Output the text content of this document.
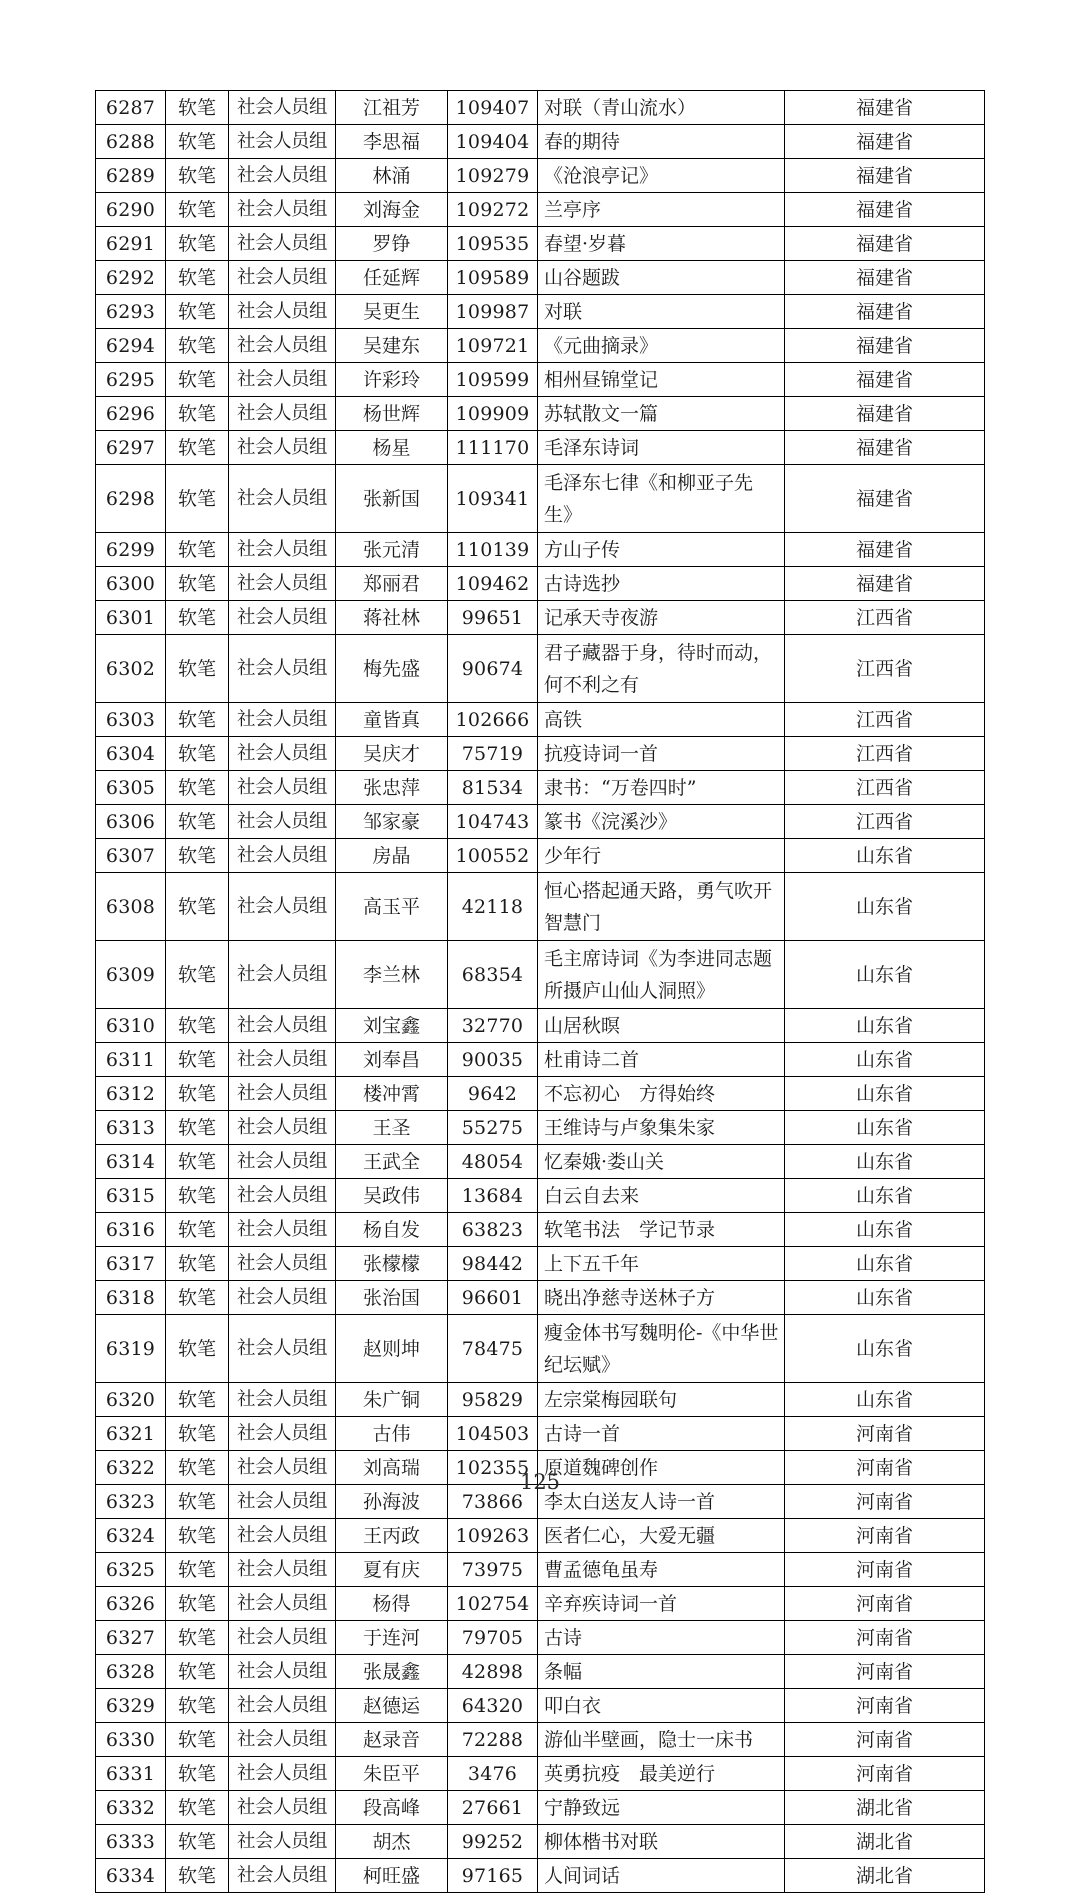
6287	软笔	社会人员组	江祖芳	109407	对联（青山流水）	福建省

6288	软笔	社会人员组	李思福	109404	春的期待	福建省

6289	软笔	社会人员组	林涌	109279	《沧浪亭记》	福建省

6290	软笔	社会人员组	刘海金	109272	兰亭序	福建省

6291	软笔	社会人员组	罗铮	109535	春望·岁暮	福建省

6292	软笔	社会人员组	任延辉	109589	山谷题跋	福建省

6293	软笔	社会人员组	吴更生	109987	对联	福建省

6294	软笔	社会人员组	吴建东	109721	《元曲摘录》	福建省

6295	软笔	社会人员组	许彩玲	109599	相州昼锦堂记	福建省

6296	软笔	社会人员组	杨世辉	109909	苏轼散文一篇	福建省

6297	软笔	社会人员组	杨星	111170	毛泽东诗词	福建省

6298	软笔	社会人员组	张新国	109341	毛泽东七律《和柳亚子先生》	福建省

6299	软笔	社会人员组	张元清	110139	方山子传	福建省

6300	软笔	社会人员组	郑丽君	109462	古诗选抄	福建省

6301	软笔	社会人员组	蒋社林	99651	记承天寺夜游	江西省

6302	软笔	社会人员组	梅先盛	90674	君子藏器于身，待时而动，何不利之有	江西省

6303	软笔	社会人员组	童皆真	102666	高铁	江西省

6304	软笔	社会人员组	吴庆才	75719	抗疫诗词一首	江西省

6305	软笔	社会人员组	张忠萍	81534	隶书：“万卷四时”	江西省

6306	软笔	社会人员组	邹家豪	104743	篆书《浣溪沙》	江西省

6307	软笔	社会人员组	房晶	100552	少年行	山东省

6308	软笔	社会人员组	高玉平	42118	恒心搭起通天路，勇气吹开智慧门	山东省

6309	软笔	社会人员组	李兰林	68354	毛主席诗词《为李进同志题所摄庐山仙人洞照》	山东省

6310	软笔	社会人员组	刘宝鑫	32770	山居秋暝	山东省

6311	软笔	社会人员组	刘奉昌	90035	杜甫诗二首	山东省

6312	软笔	社会人员组	楼冲霄	9642	不忘初心　方得始终	山东省

6313	软笔	社会人员组	王圣	55275	王维诗与卢象集朱家	山东省

6314	软笔	社会人员组	王武全	48054	忆秦娥·娄山关	山东省

6315	软笔	社会人员组	吴政伟	13684	白云自去来	山东省

6316	软笔	社会人员组	杨自发	63823	软笔书法　学记节录	山东省

6317	软笔	社会人员组	张檬檬	98442	上下五千年	山东省

6318	软笔	社会人员组	张治国	96601	晓出净慈寺送林子方	山东省

6319	软笔	社会人员组	赵则坤	78475	瘦金体书写魏明伦-《中华世纪坛赋》	山东省

6320	软笔	社会人员组	朱广铜	95829	左宗棠梅园联句	山东省

6321	软笔	社会人员组	古伟	104503	古诗一首	河南省

6322	软笔	社会人员组	刘高瑞	102355	原道魏碑创作	河南省

6323	软笔	社会人员组	孙海波	73866	李太白送友人诗一首	河南省

6324	软笔	社会人员组	王丙政	109263	医者仁心，大爱无疆	河南省

6325	软笔	社会人员组	夏有庆	73975	曹孟德龟虽寿	河南省

6326	软笔	社会人员组	杨得	102754	辛弃疾诗词一首	河南省

6327	软笔	社会人员组	于连河	79705	古诗	河南省

6328	软笔	社会人员组	张晟鑫	42898	条幅	河南省

6329	软笔	社会人员组	赵德运	64320	叩白衣	河南省

6330	软笔	社会人员组	赵录音	72288	游仙半壁画，隐士一床书	河南省

6331	软笔	社会人员组	朱臣平	3476	英勇抗疫　最美逆行	河南省

6332	软笔	社会人员组	段高峰	27661	宁静致远	湖北省

6333	软笔	社会人员组	胡杰	99252	柳体楷书对联	湖北省

6334	软笔	社会人员组	柯旺盛	97165	人间词话	湖北省
125
